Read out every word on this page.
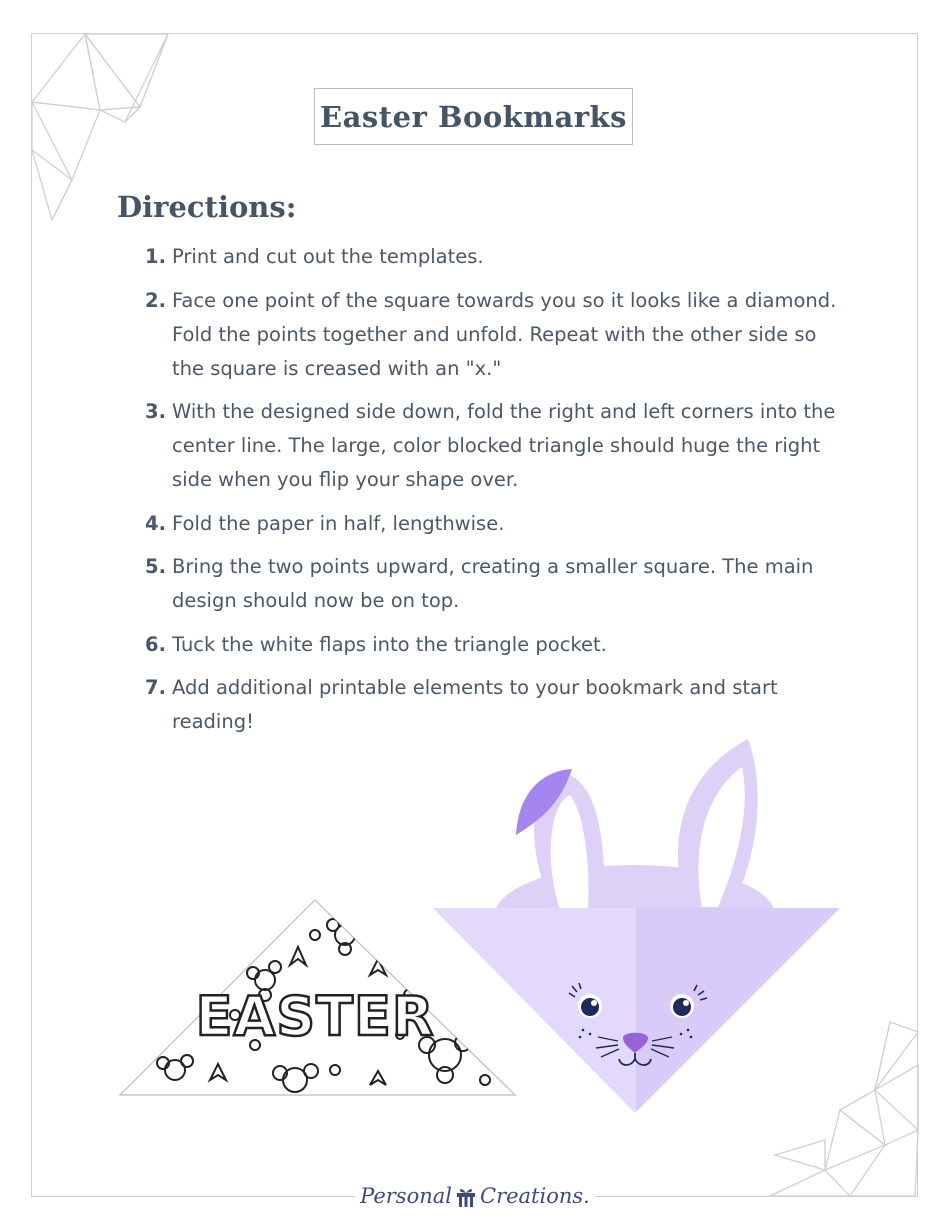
Easter Bookmarks
Directions:
1. Print and cut out the templates.
2. Face one point of the square towards you so it looks like a diamond. Fold the points together and unfold. Repeat with the other side so the square is creased with an "x."
3. With the designed side down, fold the right and left corners into the center line. The large, color blocked triangle should huge the right side when you flip your shape over.
4. Fold the paper in half, lengthwise.
5. Bring the two points upward, creating a smaller square. The main design should now be on top.
6. Tuck the white flaps into the triangle pocket.
7. Add additional printable elements to your bookmark and start reading!
EASTER
Personal Creations.
